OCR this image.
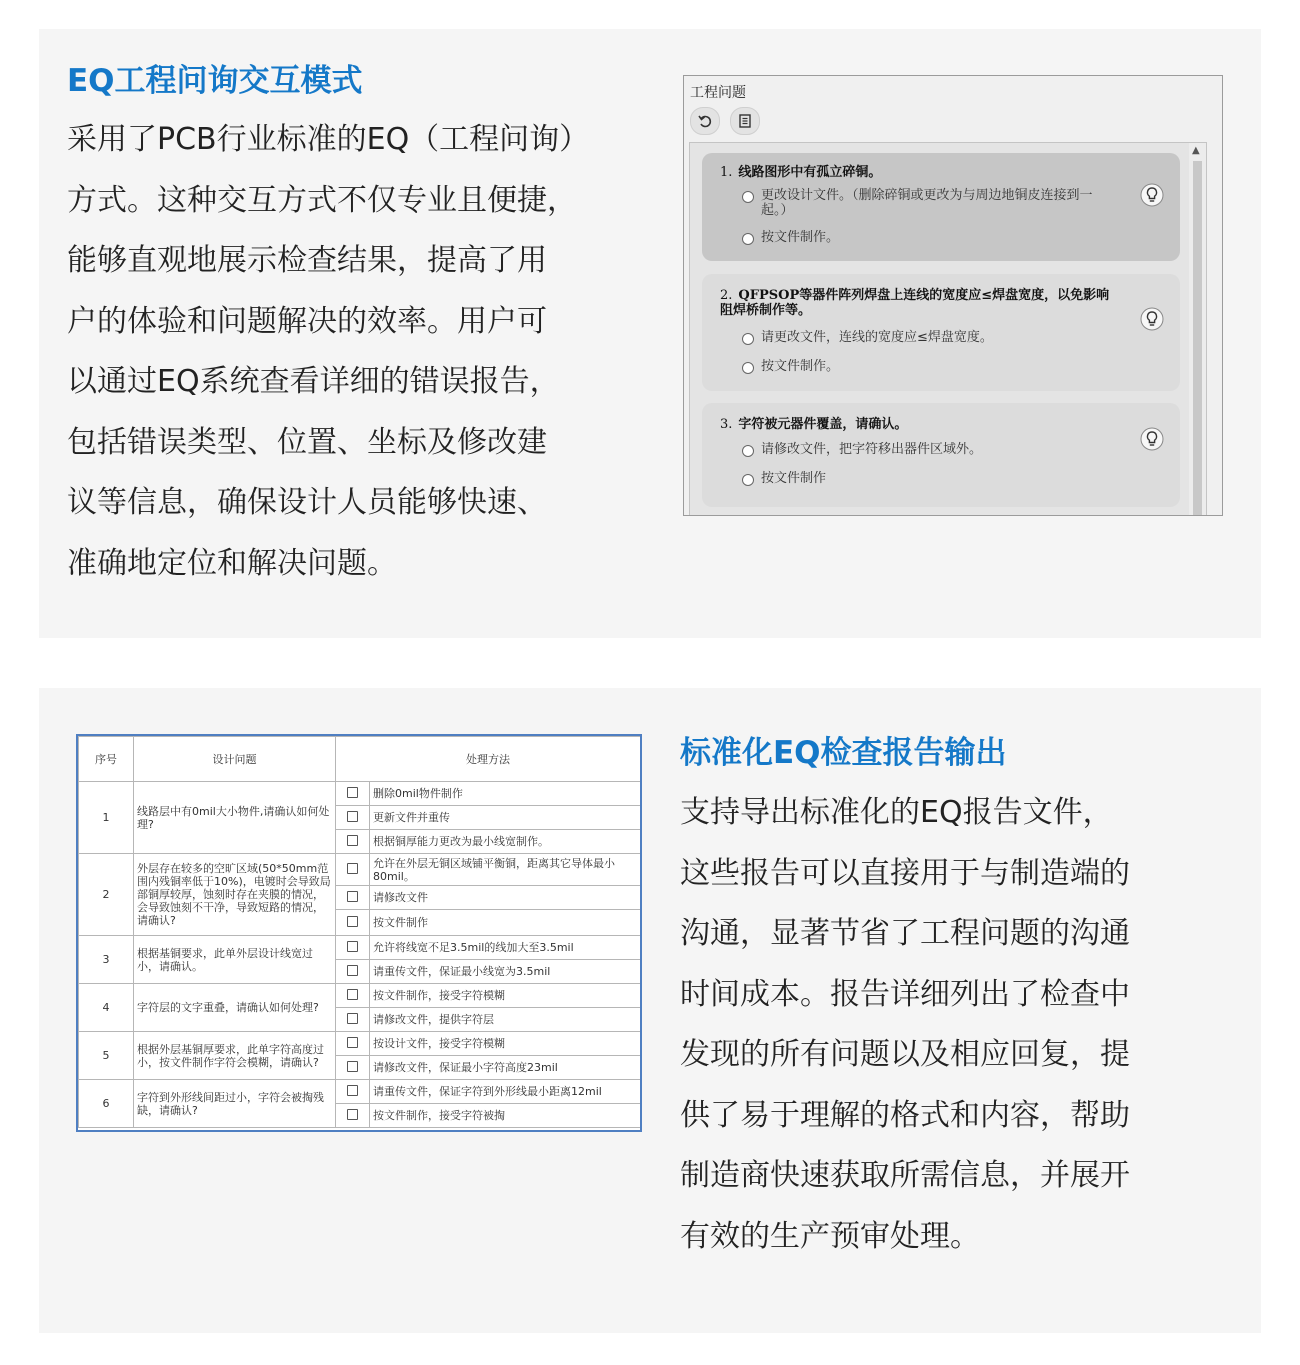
EQ工程问询交互模式
采用了PCB行业标准的EQ（工程问询）
方式。这种交互方式不仅专业且便捷，
能够直观地展示检查结果，提高了用
户的体验和问题解决的效率。用户可
以通过EQ系统查看详细的错误报告，
包括错误类型、位置、坐标及修改建
议等信息，确保设计人员能够快速、
准确地定位和解决问题。
工程问题
1. 线路图形中有孤立碎铜。
更改设计文件。（删除碎铜或更改为与周边地铜皮连接到一起。）
按文件制作。
2. QFPSOP等器件阵列焊盘上连线的宽度应≤焊盘宽度，以免影响阻焊桥制作等。
请更改文件，连线的宽度应≤焊盘宽度。
按文件制作。
3. 字符被元器件覆盖，请确认。
请修改文件，把字符移出器件区域外。
按文件制作
▲
序号	设计问题	处理方法	
1	线路层中有0mil大小物件,请确认如何处理?		删除0mil物件制作
			更新文件并重传
			根据铜厚能力更改为最小线宽制作。
2	外层存在较多的空旷区域(50*50mm范围内残铜率低于10%)，电镀时会导致局部铜厚较厚，蚀刻时存在夹膜的情况，会导致蚀刻不干净，导致短路的情况，请确认?		允许在外层无铜区域铺平衡铜，距离其它导体最小80mil。
			请修改文件
			按文件制作
3	根据基铜要求，此单外层设计线宽过小，请确认。		允许将线宽不足3.5mil的线加大至3.5mil
			请重传文件，保证最小线宽为3.5mil
4	字符层的文字重叠，请确认如何处理?		按文件制作，接受字符模糊
			请修改文件，提供字符层
5	根据外层基铜厚要求，此单字符高度过小，按文件制作字符会模糊，请确认?		按设计文件，接受字符模糊
			请修改文件，保证最小字符高度23mil
6	字符到外形线间距过小，字符会被掏残缺，请确认?		请重传文件，保证字符到外形线最小距离12mil
			按文件制作，接受字符被掏
标准化EQ检查报告输出
支持导出标准化的EQ报告文件，
这些报告可以直接用于与制造端的
沟通，显著节省了工程问题的沟通
时间成本。报告详细列出了检查中
发现的所有问题以及相应回复，提
供了易于理解的格式和内容，帮助
制造商快速获取所需信息，并展开
有效的生产预审处理。
